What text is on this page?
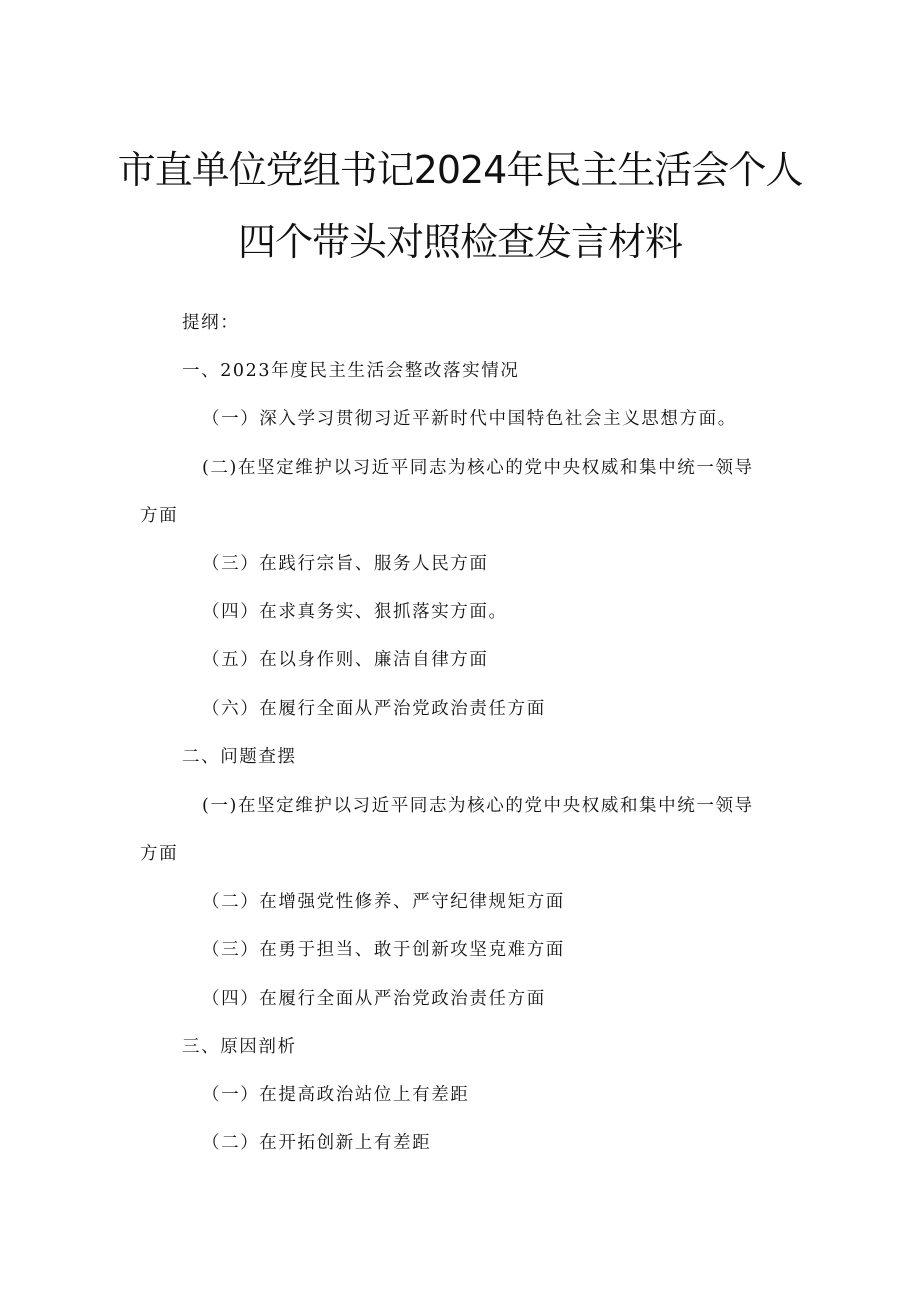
市直单位党组书记2024年民主生活会个人
四个带头对照检查发言材料
提纲：
一、2023年度民主生活会整改落实情况
（一）深入学习贯彻习近平新时代中国特色社会主义思想方面。
(二)在坚定维护以习近平同志为核心的党中央权威和集中统一领导
方面
（三）在践行宗旨、服务人民方面
（四）在求真务实、狠抓落实方面。
（五）在以身作则、廉洁自律方面
（六）在履行全面从严治党政治责任方面
二、问题查摆
(一)在坚定维护以习近平同志为核心的党中央权威和集中统一领导
方面
（二）在增强党性修养、严守纪律规矩方面
（三）在勇于担当、敢于创新攻坚克难方面
（四）在履行全面从严治党政治责任方面
三、原因剖析
（一）在提高政治站位上有差距
（二）在开拓创新上有差距
